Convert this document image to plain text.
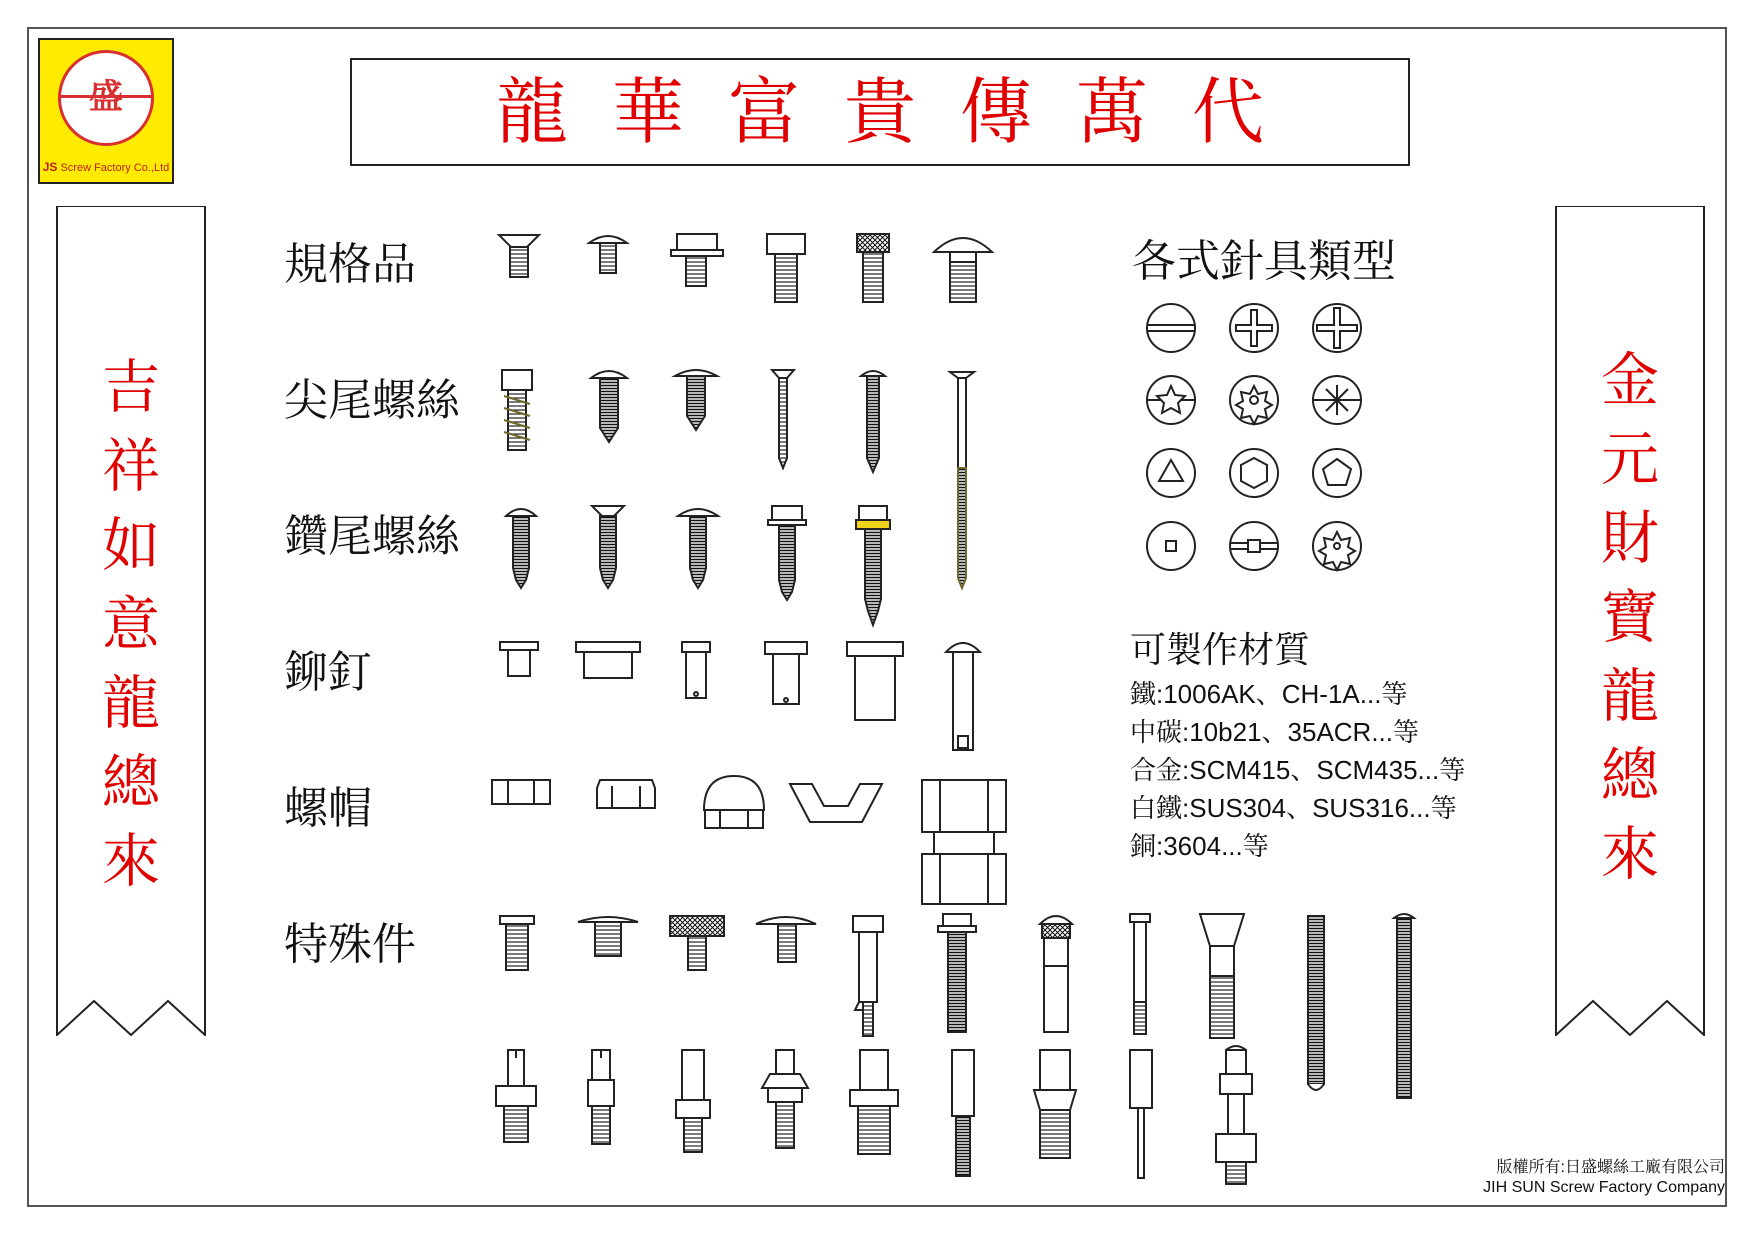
盛
JS Screw Factory Co.,Ltd
龍華富貴傳萬代
吉
祥
如
意
龍
總
來
金
元
財
寶
龍
總
來
規格品
尖尾螺絲
鑽尾螺絲
鉚釘
螺帽
特殊件
各式針具類型
可製作材質
鐵:1006AK、CH-1A...等
中碳:10b21、35ACR...等
合金:SCM415、SCM435...等
白鐵:SUS304、SUS316...等
銅:3604...等
版權所有:日盛螺絲工廠有限公司
JIH SUN Screw Factory Company
